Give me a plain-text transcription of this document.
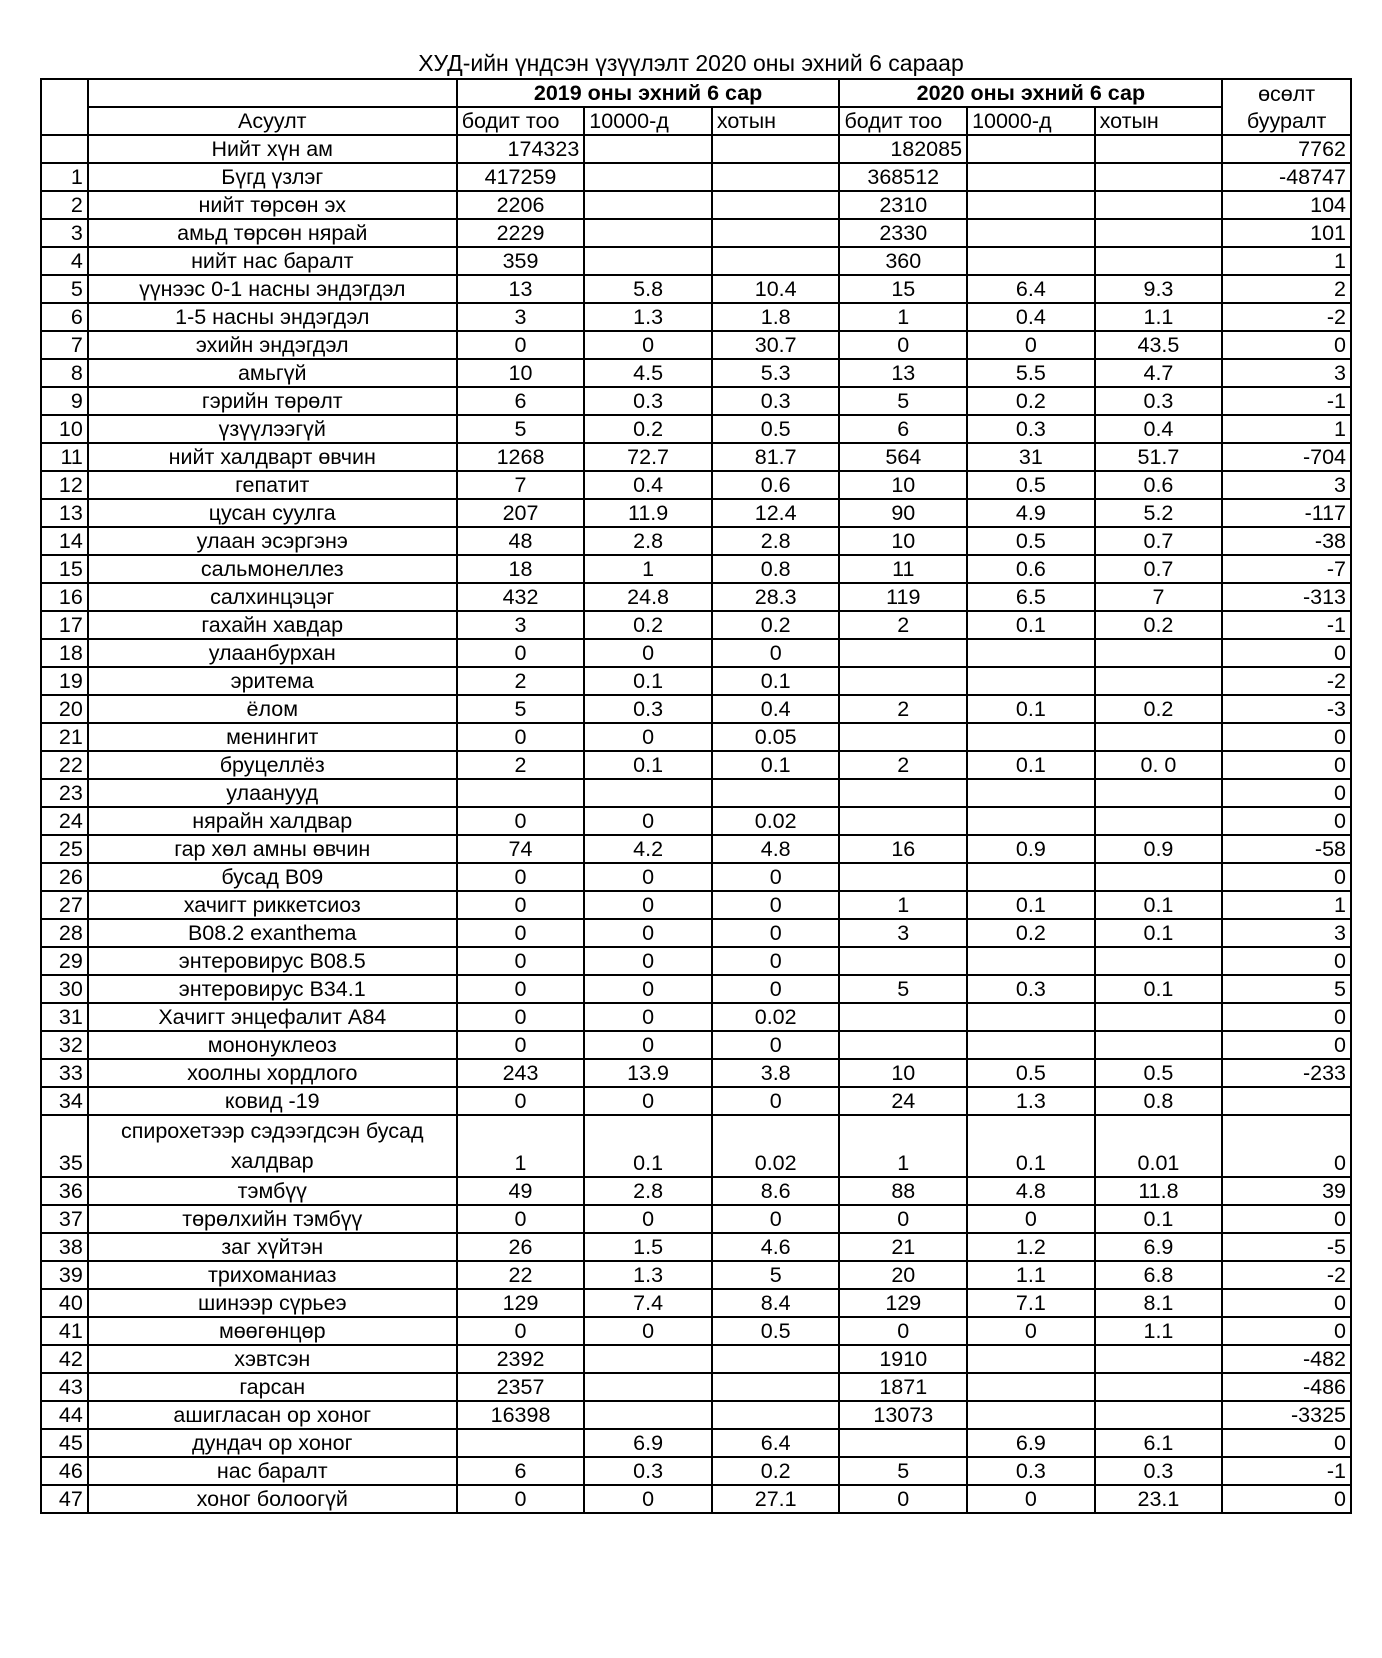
ХУД-ийн үндсэн үзүүлэлт 2020 оны эхний 6 сараар
		2019 оны эхний 6 сар			2020 оны эхний 6 сар			өсөлт
	Асуулт	бодит тоо	10000-д	хотын	бодит тоо	10000-д	хотын	бууралт
	Нийт хүн ам	174323			182085			7762
1	Бүгд үзлэг	417259			368512			-48747
2	нийт төрсөн эх	2206			2310			104
3	амьд төрсөн нярай	2229			2330			101
4	нийт нас баралт	359			360			1
5	үүнээс 0-1 насны эндэгдэл	13	5.8	10.4	15	6.4	9.3	2
6	1-5 насны эндэгдэл	3	1.3	1.8	1	0.4	1.1	-2
7	эхийн эндэгдэл	0	0	30.7	0	0	43.5	0
8	амьгүй	10	4.5	5.3	13	5.5	4.7	3
9	гэрийн төрөлт	6	0.3	0.3	5	0.2	0.3	-1
10	үзүүлээгүй	5	0.2	0.5	6	0.3	0.4	1
11	нийт халдварт өвчин	1268	72.7	81.7	564	31	51.7	-704
12	гепатит	7	0.4	0.6	10	0.5	0.6	3
13	цусан суулга	207	11.9	12.4	90	4.9	5.2	-117
14	улаан эсэргэнэ	48	2.8	2.8	10	0.5	0.7	-38
15	сальмонеллез	18	1	0.8	11	0.6	0.7	-7
16	салхинцэцэг	432	24.8	28.3	119	6.5	7	-313
17	гахайн хавдар	3	0.2	0.2	2	0.1	0.2	-1
18	улаанбурхан	0	0	0				0
19	эритема	2	0.1	0.1				-2
20	ёлом	5	0.3	0.4	2	0.1	0.2	-3
21	менингит	0	0	0.05				0
22	бруцеллёз	2	0.1	0.1	2	0.1	0. 0	0
23	улаанууд							0
24	нярайн халдвар	0	0	0.02				0
25	гар хөл амны өвчин	74	4.2	4.8	16	0.9	0.9	-58
26	бусад B09	0	0	0				0
27	хачигт риккетсиоз	0	0	0	1	0.1	0.1	1
28	B08.2 exanthema	0	0	0	3	0.2	0.1	3
29	энтеровирус B08.5	0	0	0				0
30	энтеровирус B34.1	0	0	0	5	0.3	0.1	5
31	Хачигт энцефалит A84	0	0	0.02				0
32	мононуклеоз	0	0	0				0
33	хоолны хордлого	243	13.9	3.8	10	0.5	0.5	-233
34	ковид -19	0	0	0	24	1.3	0.8	
35	спирохетээр сэдээгдсэн бусад халдвар	1	0.1	0.02	1	0.1	0.01	0
36	тэмбүү	49	2.8	8.6	88	4.8	11.8	39
37	төрөлхийн тэмбүү	0	0	0	0	0	0.1	0
38	заг хүйтэн	26	1.5	4.6	21	1.2	6.9	-5
39	трихоманиаз	22	1.3	5	20	1.1	6.8	-2
40	шинээр сүрьеэ	129	7.4	8.4	129	7.1	8.1	0
41	мөөгөнцөр	0	0	0.5	0	0	1.1	0
42	хэвтсэн	2392			1910			-482
43	гарсан	2357			1871			-486
44	ашигласан ор хоног	16398			13073			-3325
45	дундач ор хоног		6.9	6.4		6.9	6.1	0
46	нас баралт	6	0.3	0.2	5	0.3	0.3	-1
47	хоног болоогүй	0	0	27.1	0	0	23.1	0
